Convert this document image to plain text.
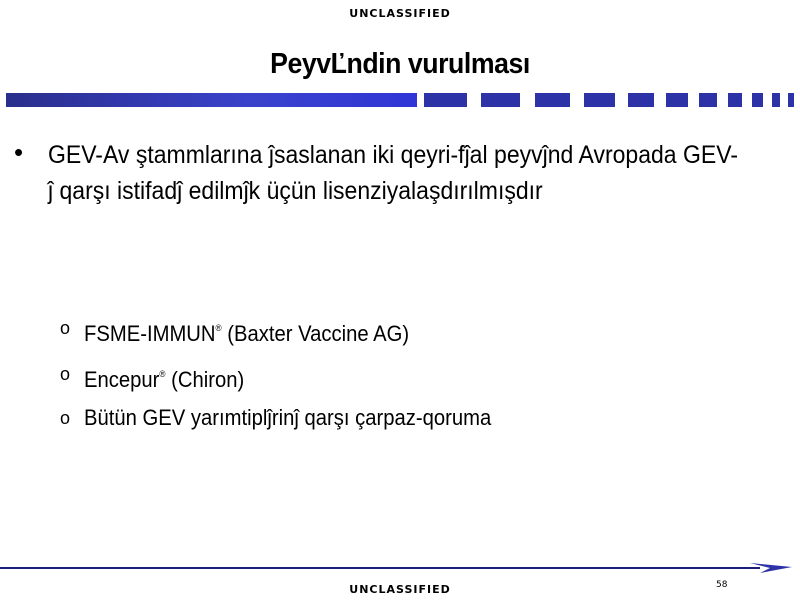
UNCLASSIFIED
PeyvĽndin vurulması
• GEV-Av ştammlarına ĵsaslanan iki qeyri-fĵal peyvĵnd Avropada GEV-ĵ qarşı istifadĵ edilmĵk üçün lisenziyalaşdırılmışdır
o FSME-IMMUN® (Baxter Vaccine AG)
o Encepur® (Chiron)
o Bütün GEV yarımtiplĵrinĵ qarşı çarpaz-qoruma
58
UNCLASSIFIED
